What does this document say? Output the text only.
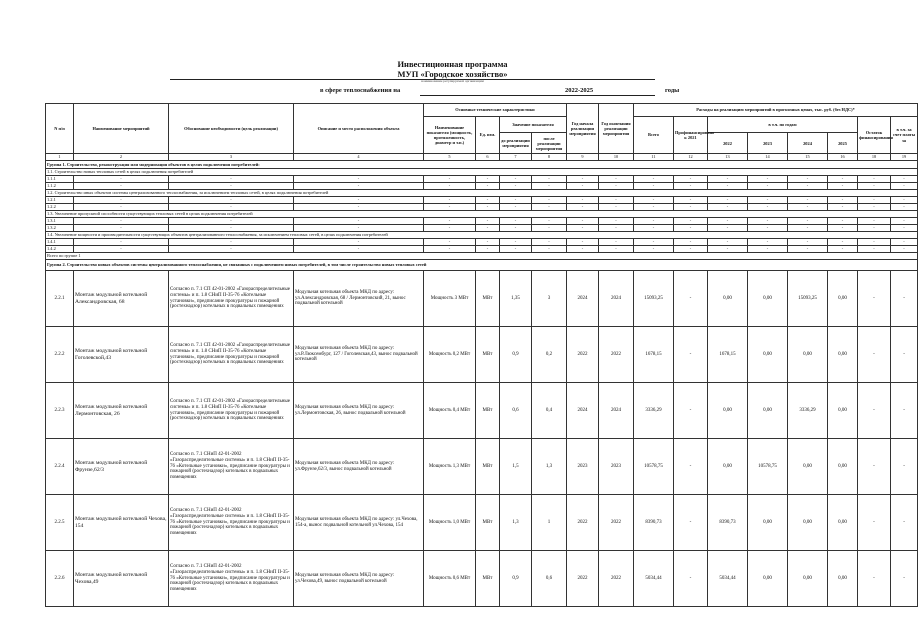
Инвестиционная программа
МУП «Городское хозяйство»
наименование регулируемой организации
в сфере теплоснабжения на	2022-2025	годы
N п/п	Наименование мероприятий	Обоснование необходимости (цель реализации)	Описание и место расположения объекта	Основные технические характеристики				Год начала реализации мероприятия	Год окончания реализации мероприятия	Расходы на реализацию мероприятий в прогнозных ценах, тыс. руб. (без НДС)*							
				Наименование показателя (мощность, протяженность, диаметр и т.п.)	Ед. изм.	Значение показателя				Всего	Профинансировано к 2021	в т.ч. по годам				Остаток финансирования	в т.ч. за счет платы за
						до реализации мероприятия	после реализации мероприятия					2022	2023	2024	2025		
1	2	3	4	5	6	7	8	9	10	11	12	13	14	15	16	18	19
Группа 1. Строительство, реконструкция или модернизация объектов в целях подключения потребителей:																	
1.1. Строительство новых тепловых сетей в целях подключения потребителей																	
1.1.1	-	-	-	-	-	-	-	-	-	-	-	-	-	-	-	-	-
1.1.2	-	-	-	-	-	-	-	-	-	-	-	-	-	-	-	-	-
1.2. Строительство иных объектов системы централизованного теплоснабжения, за исключением тепловых сетей, в целях подключения потребителей																	
1.2.1	-	-	-	-	-	-	-	-	-	-	-	-	-	-	-	-	-
1.2.2	-	-	-	-	-	-	-	-	-	-	-	-	-	-	-	-	-
1.3. Увеличение пропускной способности существующих тепловых сетей в целях подключения потребителей																	
1.3.1	-	-	-	-	-	-	-	-	-	-	-	-	-	-	-	-	-
1.3.2	-	-	-	-	-	-	-	-	-	-	-	-	-	-	-	-	-
1.4. Увеличение мощности и производительности существующих объектов централизованного теплоснабжения, за исключением тепловых сетей, в целях подключения потребителей																	
1.4.1	-	-	-	-	-	-	-	-	-	-	-	-	-	-	-	-	-
1.4.2	-	-	-	-	-	-	-	-	-	-	-	-	-	-	-	-	-
Всего по группе 1																	
Группа 2. Строительство новых объектов системы централизованного теплоснабжения, не связанных с подключением новых потребителей, в том числе строительство новых тепловых сетей																	
2.2.1	Монтаж модульной котельной Александровская, 68	Согласно п. 7.1 СП 42-01-2002 «Газораспределительные системы» и п. 1.8 СНиП II-35-76 «Котельные установки», предписание прокуратуры и пожарной (ростехнадзор) котельных в подвальных помещениях	Модульная котельная объекта МКД по адресу: ул.Александровская, 68 / Лермонтовский, 21, вынос подвальной котельной	Мощность 3 МВт	МВт	1,35	3	2024	2024	15093,25	-	0,00	0,00	15093,25	0,00	-	-
2.2.2	Монтаж модульной котельной Гоголевской,43	Согласно п. 7.1 СП 42-01-2002 «Газораспределительные системы» и п. 1.8 СНиП II-35-76 «Котельные установки», предписание прокуратуры и пожарной (ростехнадзор) котельных в подвальных помещениях	Модульная котельная объекта МКД по адресу: ул.Р.Люксембург, 127 / Гоголевская,43, вынос подвальной котельной	Мощность 0,2 МВт	МВт	0,9	0,2	2022	2022	1678,15	-	1678,15	0,00	0,00	0,00	-	-
2.2.3	Монтаж модульной котельной Лермонтовская, 26	Согласно п. 7.1 СП 42-01-2002 «Газораспределительные системы» и п. 1.8 СНиП II-35-76 «Котельные установки», предписание прокуратуры и пожарной (ростехнадзор) котельных в подвальных помещениях	Модульная котельная объекта МКД по адресу: ул.Лермонтовская, 26, вынос подвальной котельной	Мощность 0,4 МВт	МВт	0,6	0,4	2024	2024	3336,29	-	0,00	0,00	3336,29	0,00	-	-
2.2.4	Монтаж модульной котельной Фрунзе,62/3	Согласно п. 7.1 СНиП 42-01-2002 «Газораспределительные системы» и п. 1.8 СНиП II-35-76 «Котельные установки», предписание прокуратуры и пожарной (ростехнадзор) котельных в подвальных помещениях	Модульная котельная объекта МКД по адресу: ул.Фрунзе,62/3, вынос подвальной котельной	Мощность 1,3 МВт	МВт	1,5	1,3	2023	2023	10578,75	-	0,00	10578,75	0,00	0,00	-	-
2.2.5	Монтаж модульной котельной Чехова, 154	Согласно п. 7.1 СНиП 42-01-2002 «Газораспределительные системы» и п. 1.8 СНиП II-35-76 «Котельные установки», предписание прокуратуры и пожарной (ростехнадзор) котельных в подвальных помещениях	Модульная котельная объекта МКД по адресу: ул.Чехова, 154-а, вынос подвальной котельной ул.Чехова, 154	Мощность 1,0 МВт	МВт	1,3	1	2022	2022	8390,73	-	8390,73	0,00	0,00	0,00	-	-
2.2.6	Монтаж модульной котельной Чехова,49	Согласно п. 7.1 СНиП 42-01-2002 «Газораспределительные системы» и п. 1.8 СНиП II-35-76 «Котельные установки», предписание прокуратуры и пожарной (ростехнадзор) котельных в подвальных помещениях	Модульная котельная объекта МКД по адресу: ул.Чехова,49, вынос подвальной котельной	Мощность 0,6 МВт	МВт	0,9	0,6	2022	2022	5034,44	-	5034,44	0,00	0,00	0,00	-	-
